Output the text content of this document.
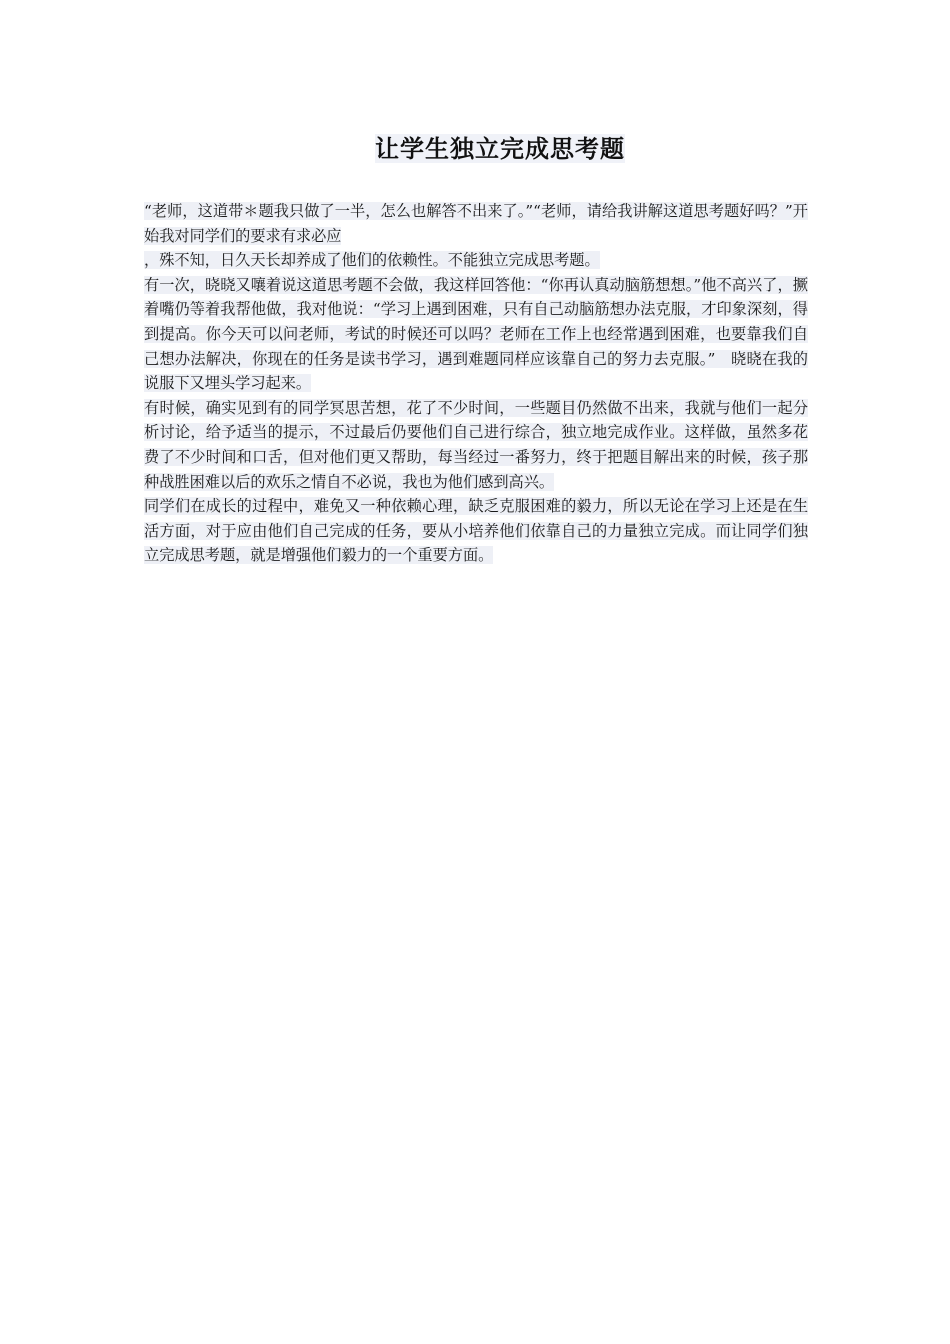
让学生独立完成思考题

“老师，这道带＊题我只做了一半，怎么也解答不出来了。”“老师，请给我讲解这道思考题好吗？”开始我对同学们的要求有求必应

，殊不知，日久天长却养成了他们的依赖性。不能独立完成思考题。

有一次，晓晓又嚷着说这道思考题不会做，我这样回答他：“你再认真动脑筋想想。”他不高兴了，撅着嘴仍等着我帮他做，我对他说：“学习上遇到困难，只有自己动脑筋想办法克服，才印象深刻，得到提高。你今天可以问老师，考试的时候还可以吗？老师在工作上也经常遇到困难，也要靠我们自己想办法解决，你现在的任务是读书学习，遇到难题同样应该靠自己的努力去克服。”　晓晓在我的说服下又埋头学习起来。

有时候，确实见到有的同学冥思苦想，花了不少时间，一些题目仍然做不出来，我就与他们一起分析讨论，给予适当的提示，不过最后仍要他们自己进行综合，独立地完成作业。这样做，虽然多花费了不少时间和口舌，但对他们更又帮助，每当经过一番努力，终于把题目解出来的时候，孩子那种战胜困难以后的欢乐之情自不必说，我也为他们感到高兴。

同学们在成长的过程中，难免又一种依赖心理，缺乏克服困难的毅力，所以无论在学习上还是在生活方面，对于应由他们自己完成的任务，要从小培养他们依靠自己的力量独立完成。而让同学们独立完成思考题，就是增强他们毅力的一个重要方面。
